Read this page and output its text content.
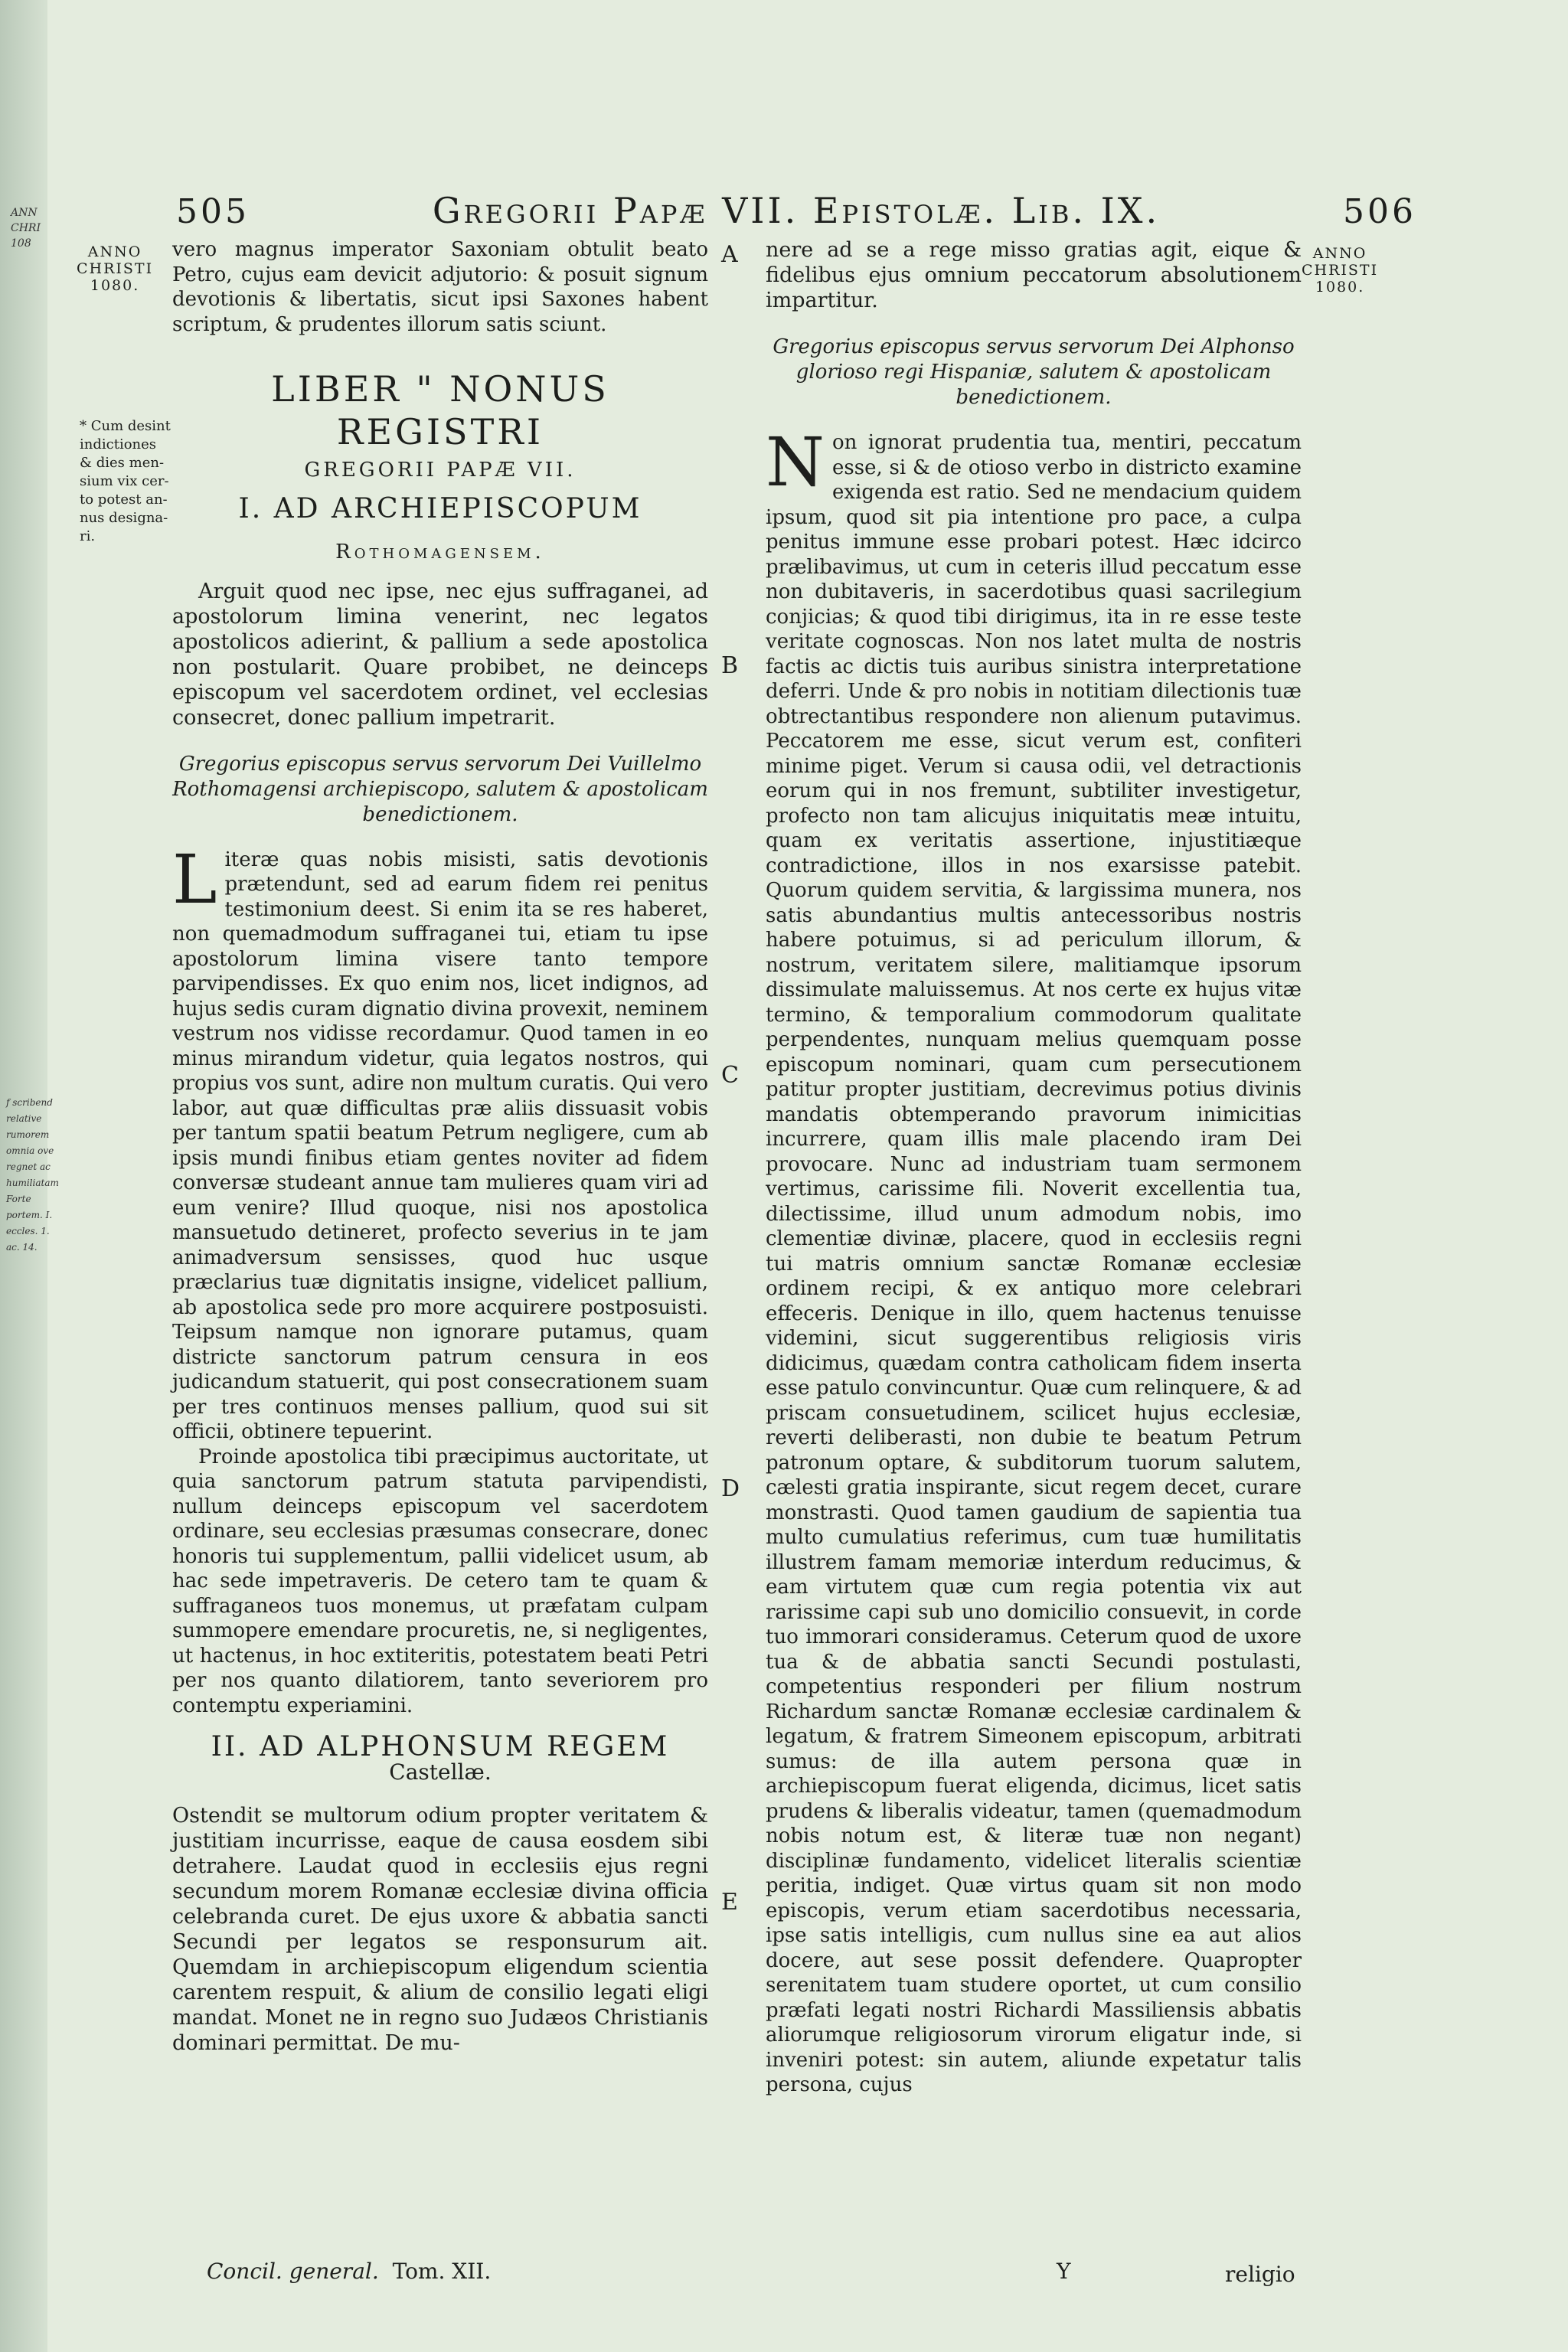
ANN
CHRI
108
f scribend
relative
rumorem
omnia ove
regnet ac
humiliatam
Forte
portem. I.
eccles. 1.
ac. 14.
505	Gregorii Papæ VII. Epistolæ. Lib. IX.	506
ANNO
CHRISTI
1080.
ANNO
CHRISTI
1080.
* Cum desint
indictiones
& dies men-
sium vix cer-
to potest an-
nus designa-
ri.
A
B
C
D
E

vero magnus imperator Saxoniam obtulit beato Petro, cujus eam devicit adjutorio: & posuit signum devotionis & libertatis, sicut ipsi Saxones habent scriptum, & prudentes illorum satis sciunt.

LIBER " NONUS REGISTRI
GREGORII PAPÆ VII.
I. AD ARCHIEPISCOPUM
Rothomagensem.

Arguit quod nec ipse, nec ejus suffraganei, ad apostolorum limina venerint, nec legatos apostolicos adierint, & pallium a sede apostolica non postularit. Quare probibet, ne deinceps episcopum vel sacerdotem ordinet, vel ecclesias consecret, donec pallium impetrarit.

Gregorius episcopus servus servorum Dei Vuillelmo Rothomagensi archiepiscopo, salutem & apostolicam benedictionem.

Literæ quas nobis misisti, satis devotionis prætendunt, sed ad earum fidem rei penitus testimonium deest. Si enim ita se res haberet, non quemadmodum suffraganei tui, etiam tu ipse apostolorum limina visere tanto tempore parvipendisses. Ex quo enim nos, licet indignos, ad hujus sedis curam dignatio divina provexit, neminem vestrum nos vidisse recordamur. Quod tamen in eo minus mirandum videtur, quia legatos nostros, qui propius vos sunt, adire non multum curatis. Qui vero labor, aut quæ difficultas præ aliis dissuasit vobis per tantum spatii beatum Petrum negligere, cum ab ipsis mundi finibus etiam gentes noviter ad fidem conversæ studeant annue tam mulieres quam viri ad eum venire? Illud quoque, nisi nos apostolica mansuetudo detineret, profecto severius in te jam animadversum sensisses, quod huc usque præclarius tuæ dignitatis insigne, videlicet pallium, ab apostolica sede pro more acquirere postposuisti. Teipsum namque non ignorare putamus, quam districte sanctorum patrum censura in eos judicandum statuerit, qui post consecrationem suam per tres continuos menses pallium, quod sui sit officii, obtinere tepuerint.

Proinde apostolica tibi præcipimus auctoritate, ut quia sanctorum patrum statuta parvipendisti, nullum deinceps episcopum vel sacerdotem ordinare, seu ecclesias præsumas consecrare, donec honoris tui supplementum, pallii videlicet usum, ab hac sede impetraveris. De cetero tam te quam & suffraganeos tuos monemus, ut præfatam culpam summopere emendare procuretis, ne, si negligentes, ut hactenus, in hoc extiteritis, potestatem beati Petri per nos quanto dilatiorem, tanto severiorem pro contemptu experiamini.

II. AD ALPHONSUM REGEM
Castellæ.

Ostendit se multorum odium propter veritatem & justitiam incurrisse, eaque de causa eosdem sibi detrahere. Laudat quod in ecclesiis ejus regni secundum morem Romanæ ecclesiæ divina officia celebranda curet. De ejus uxore & abbatia sancti Secundi per legatos se responsurum ait. Quemdam in archiepiscopum eligendum scientia carentem respuit, & alium de consilio legati eligi mandat. Monet ne in regno suo Judæos Christianis dominari permittat. De mu-

nere ad se a rege misso gratias agit, eique & fidelibus ejus omnium peccatorum absolutionem impartitur.

Gregorius episcopus servus servorum Dei Alphonso glorioso regi Hispaniæ, salutem & apostolicam benedictionem.

Non ignorat prudentia tua, mentiri, peccatum esse, si & de otioso verbo in districto examine exigenda est ratio. Sed ne mendacium quidem ipsum, quod sit pia intentione pro pace, a culpa penitus immune esse probari potest. Hæc idcirco prælibavimus, ut cum in ceteris illud peccatum esse non dubitaveris, in sacerdotibus quasi sacrilegium conjicias; & quod tibi dirigimus, ita in re esse teste veritate cognoscas. Non nos latet multa de nostris factis ac dictis tuis auribus sinistra interpretatione deferri. Unde & pro nobis in notitiam dilectionis tuæ obtrectantibus respondere non alienum putavimus. Peccatorem me esse, sicut verum est, confiteri minime piget. Verum si causa odii, vel detractionis eorum qui in nos fremunt, subtiliter investigetur, profecto non tam alicujus iniquitatis meæ intuitu, quam ex veritatis assertione, injustitiæque contradictione, illos in nos exarsisse patebit. Quorum quidem servitia, & largissima munera, nos satis abundantius multis antecessoribus nostris habere potuimus, si ad periculum illorum, & nostrum, veritatem silere, malitiamque ipsorum dissimulate maluissemus. At nos certe ex hujus vitæ termino, & temporalium commodorum qualitate perpendentes, nunquam melius quemquam posse episcopum nominari, quam cum persecutionem patitur propter justitiam, decrevimus potius divinis mandatis obtemperando pravorum inimicitias incurrere, quam illis male placendo iram Dei provocare. Nunc ad industriam tuam sermonem vertimus, carissime fili. Noverit excellentia tua, dilectissime, illud unum admodum nobis, imo clementiæ divinæ, placere, quod in ecclesiis regni tui matris omnium sanctæ Romanæ ecclesiæ ordinem recipi, & ex antiquo more celebrari effeceris. Denique in illo, quem hactenus tenuisse videmini, sicut suggerentibus religiosis viris didicimus, quædam contra catholicam fidem inserta esse patulo convincuntur. Quæ cum relinquere, & ad priscam consuetudinem, scilicet hujus ecclesiæ, reverti deliberasti, non dubie te beatum Petrum patronum optare, & subditorum tuorum salutem, cælesti gratia inspirante, sicut regem decet, curare monstrasti. Quod tamen gaudium de sapientia tua multo cumulatius referimus, cum tuæ humilitatis illustrem famam memoriæ interdum reducimus, & eam virtutem quæ cum regia potentia vix aut rarissime capi sub uno domicilio consuevit, in corde tuo immorari consideramus. Ceterum quod de uxore tua & de abbatia sancti Secundi postulasti, competentius responderi per filium nostrum Richardum sanctæ Romanæ ecclesiæ cardinalem & legatum, & fratrem Simeonem episcopum, arbitrati sumus: de illa autem persona quæ in archiepiscopum fuerat eligenda, dicimus, licet satis prudens & liberalis videatur, tamen (quemadmodum nobis notum est, & literæ tuæ non negant) disciplinæ fundamento, videlicet literalis scientiæ peritia, indiget. Quæ virtus quam sit non modo episcopis, verum etiam sacerdotibus necessaria, ipse satis intelligis, cum nullus sine ea aut alios docere, aut sese possit defendere. Quapropter serenitatem tuam studere oportet, ut cum consilio præfati legati nostri Richardi Massiliensis abbatis aliorumque religiosorum virorum eligatur inde, si inveniri potest: sin autem, aliunde expetatur talis persona, cujus

Concil. general. Tom. XII.	Y	religio
